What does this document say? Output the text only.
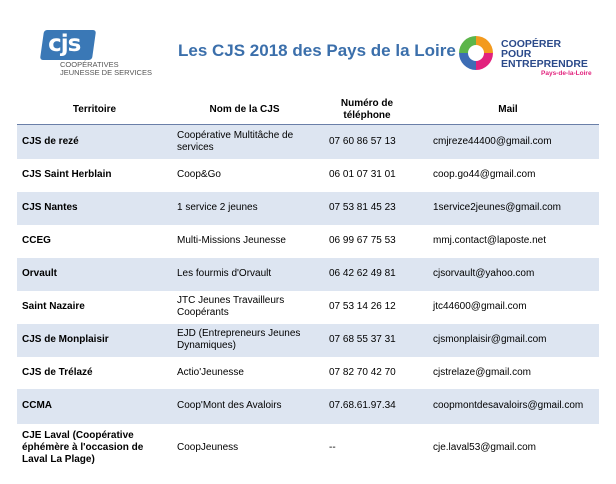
cjs
COOPÉRATIVES JEUNESSE DE SERVICES
Les CJS 2018 des Pays de la Loire	COOPÉRER
POUR
ENTREPRENDRE
Pays-de-la-Loire
Territoire	Nom de la CJS	Numéro de téléphone	Mail
CJS de rezé	Coopérative Multitâche de services	07 60 86 57 13	cmjreze44400@gmail.com
CJS Saint Herblain	Coop&Go	06 01 07 31 01	coop.go44@gmail.com
CJS Nantes	1 service 2 jeunes	07 53 81 45 23	1service2jeunes@gmail.com
CCEG	Multi-Missions Jeunesse	06 99 67 75 53	mmj.contact@laposte.net
Orvault	Les fourmis d'Orvault	06 42 62 49 81	cjsorvault@yahoo.com
Saint Nazaire	JTC Jeunes Travailleurs Coopérants	07 53 14 26 12	jtc44600@gmail.com
CJS de Monplaisir	EJD (Entrepreneurs Jeunes Dynamiques)	07 68 55 37 31	cjsmonplaisir@gmail.com
CJS de Trélazé	Actio'Jeunesse	07 82 70 42 70	cjstrelaze@gmail.com
CCMA	Coop'Mont des Avaloirs	07.68.61.97.34	coopmontdesavaloirs@gmail.com
CJE Laval (Coopérative éphémère à l'occasion de Laval La Plage)	CoopJeuness	--	cje.laval53@gmail.com
